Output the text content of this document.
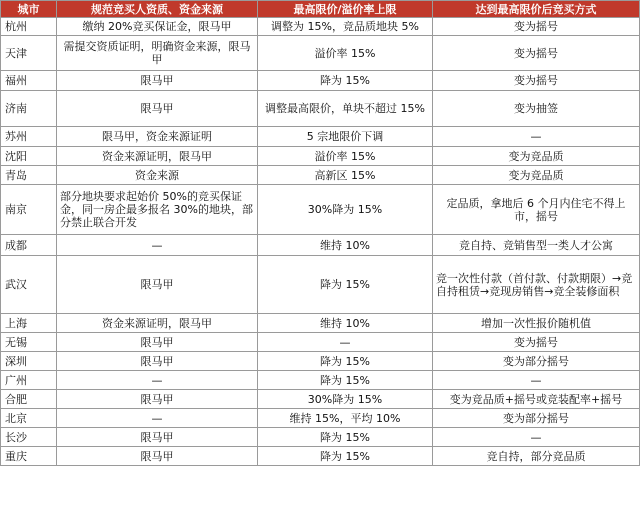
城市	规范竞买人资质、资金来源	最高限价/溢价率上限	达到最高限价后竞买方式
杭州	缴纳 20%竞买保证金，限马甲	调整为 15%，竞品质地块 5%	变为摇号
天津	需提交资质证明，明确资金来源，限马甲	溢价率 15%	变为摇号
福州	限马甲	降为 15%	变为摇号
济南	限马甲	调整最高限价，单块不超过 15%	变为抽签
苏州	限马甲，资金来源证明	5 宗地限价下调	—
沈阳	资金来源证明，限马甲	溢价率 15%	变为竞品质
青岛	资金来源	高新区 15%	变为竞品质
南京	部分地块要求起始价 50%的竞买保证金，同一房企最多报名 30%的地块，部分禁止联合开发	30%降为 15%	定品质，拿地后 6 个月内住宅不得上市，摇号
成都	—	维持 10%	竞自持、竞销售型一类人才公寓
武汉	限马甲	降为 15%	竞一次性付款（首付款、付款期限）→竞自持租赁→竞现房销售→竞全装修面积
上海	资金来源证明，限马甲	维持 10%	增加一次性报价随机值
无锡	限马甲	—	变为摇号
深圳	限马甲	降为 15%	变为部分摇号
广州	—	降为 15%	—
合肥	限马甲	30%降为 15%	变为竞品质+摇号或竞装配率+摇号
北京	—	维持 15%，平均 10%	变为部分摇号
长沙	限马甲	降为 15%	—
重庆	限马甲	降为 15%	竞自持，部分竞品质
